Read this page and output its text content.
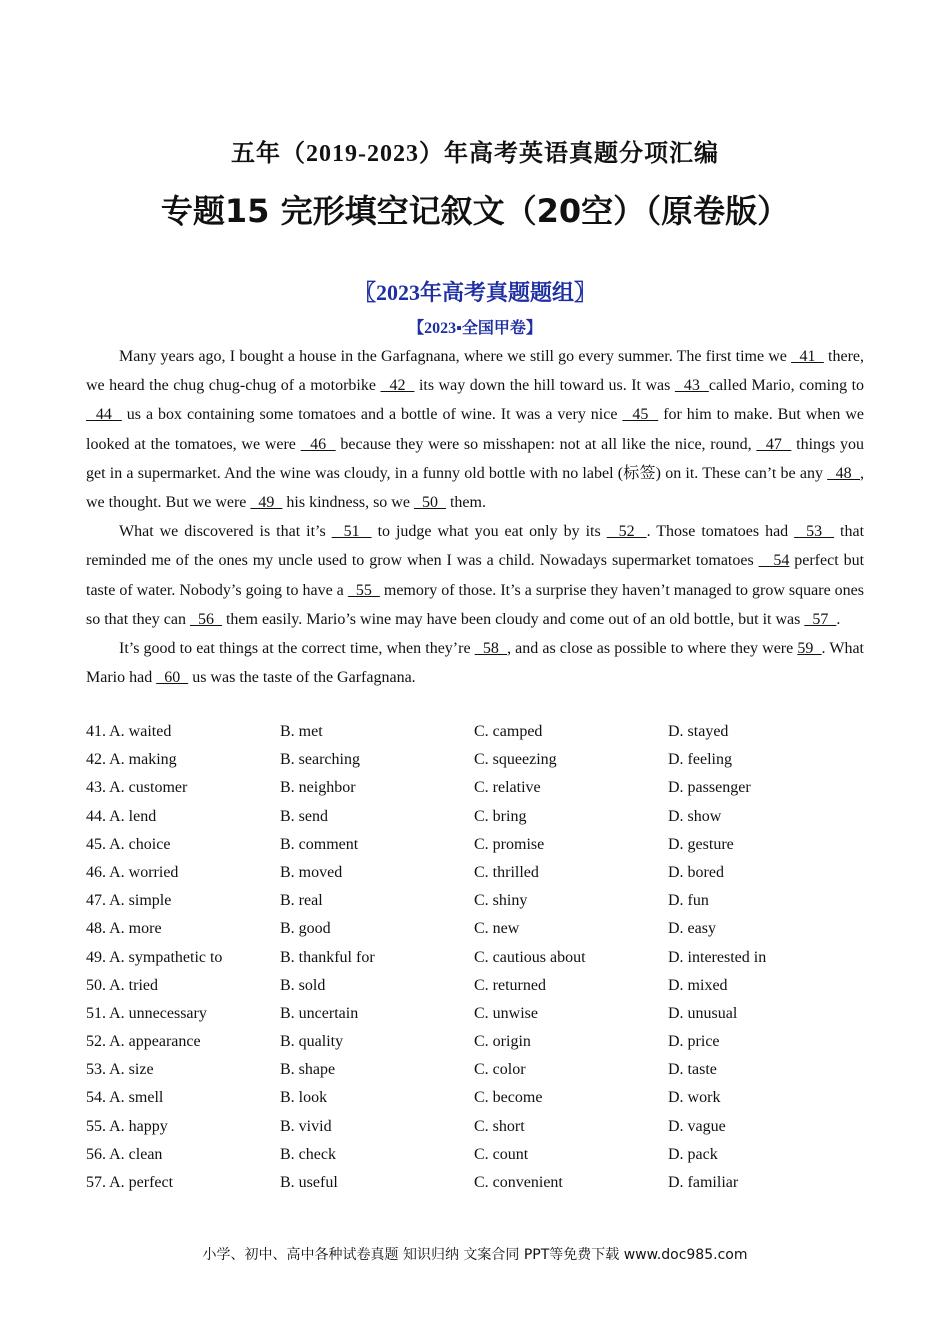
五年（2019-2023）年高考英语真题分项汇编
专题15 完形填空记叙文（20空）（原卷版）
〖2023年高考真题题组〗
【2023▪全国甲卷】

Many years ago, I bought a house in the Garfagnana, where we still go every summer. The first time we   41   there, we heard the chug chug-chug of a motorbike   42   its way down the hill toward us. It was   43  called Mario, coming to   44   us a box containing some tomatoes and a bottle of wine. It was a very nice   45   for him to make. But when we looked at the tomatoes, we were   46   because they were so misshapen: not at all like the nice, round,   47   things you get in a supermarket. And the wine was cloudy, in a funny old bottle with no label (标签) on it. These can’t be any   48  , we thought. But we were   49   his kindness, so we   50   them.

What we discovered is that it’s   51   to judge what you eat only by its   52  . Those tomatoes had   53   that reminded me of the ones my uncle used to grow when I was a child. Nowadays supermarket tomatoes    54 perfect but taste of water. Nobody’s going to have a   55   memory of those. It’s a surprise they haven’t managed to grow square ones so that they can   56   them easily. Mario’s wine may have been cloudy and come out of an old bottle, but it was   57  .

It’s good to eat things at the correct time, when they’re   58  , and as close as possible to where they were 59  . What Mario had   60   us was the taste of the Garfagnana.

41. A. waited	B. met	C. camped	D. stayed
42. A. making	B. searching	C. squeezing	D. feeling
43. A. customer	B. neighbor	C. relative	D. passenger
44. A. lend	B. send	C. bring	D. show
45. A. choice	B. comment	C. promise	D. gesture
46. A. worried	B. moved	C. thrilled	D. bored
47. A. simple	B. real	C. shiny	D. fun
48. A. more	B. good	C. new	D. easy
49. A. sympathetic to	B. thankful for	C. cautious about	D. interested in
50. A. tried	B. sold	C. returned	D. mixed
51. A. unnecessary	B. uncertain	C. unwise	D. unusual
52. A. appearance	B. quality	C. origin	D. price
53. A. size	B. shape	C. color	D. taste
54. A. smell	B. look	C. become	D. work
55. A. happy	B. vivid	C. short	D. vague
56. A. clean	B. check	C. count	D. pack
57. A. perfect	B. useful	C. convenient	D. familiar
小学、初中、高中各种试卷真题 知识归纳 文案合同 PPT等免费下载 www.doc985.com
